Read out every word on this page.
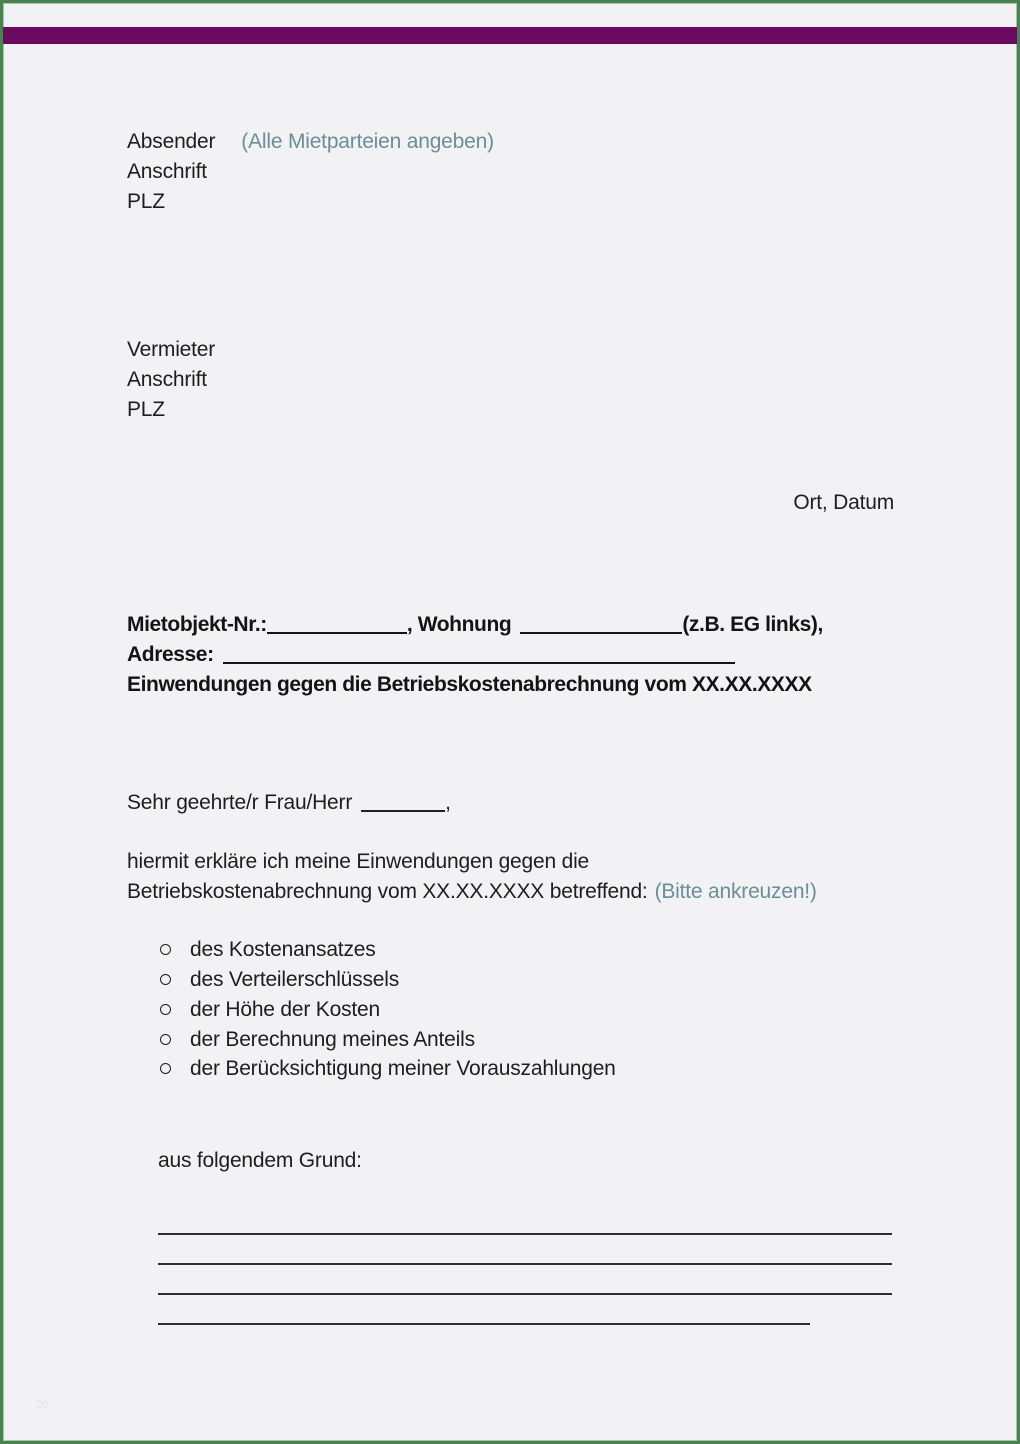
Absender (Alle Mietparteien angeben)
Anschrift
PLZ
Vermieter
Anschrift
PLZ
Ort, Datum
Mietobjekt-Nr.:	, Wohnung	(z.B. EG links),
Adresse:
Einwendungen gegen die Betriebskostenabrechnung vom XX.XX.XXXX
Sehr geehrte/r Frau/Herr	,
hiermit erkläre ich meine Einwendungen gegen die
Betriebskostenabrechnung vom XX.XX.XXXX betreffend: (Bitte ankreuzen!)
des Kostenansatzes
des Verteilerschlüssels
der Höhe der Kosten
der Berechnung meines Anteils
der Berücksichtigung meiner Vorauszahlungen
aus folgendem Grund:
20
